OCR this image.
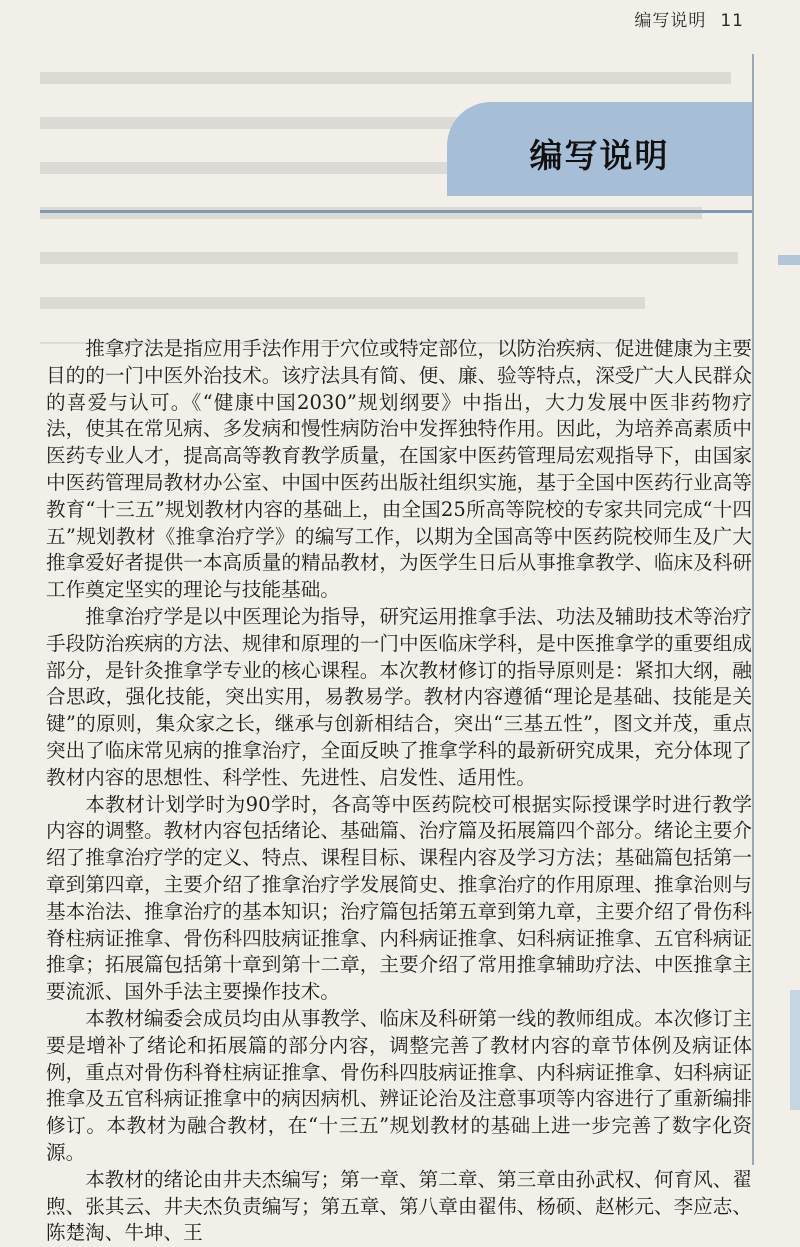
编写说明 11
编写说明

推拿疗法是指应用手法作用于穴位或特定部位，以防治疾病、促进健康为主要目的的一门中医外治技术。该疗法具有简、便、廉、验等特点，深受广大人民群众的喜爱与认可。《“健康中国2030”规划纲要》中指出，大力发展中医非药物疗法，使其在常见病、多发病和慢性病防治中发挥独特作用。因此，为培养高素质中医药专业人才，提高高等教育教学质量，在国家中医药管理局宏观指导下，由国家中医药管理局教材办公室、中国中医药出版社组织实施，基于全国中医药行业高等教育“十三五”规划教材内容的基础上，由全国25所高等院校的专家共同完成“十四五”规划教材《推拿治疗学》的编写工作，以期为全国高等中医药院校师生及广大推拿爱好者提供一本高质量的精品教材，为医学生日后从事推拿教学、临床及科研工作奠定坚实的理论与技能基础。

推拿治疗学是以中医理论为指导，研究运用推拿手法、功法及辅助技术等治疗手段防治疾病的方法、规律和原理的一门中医临床学科，是中医推拿学的重要组成部分，是针灸推拿学专业的核心课程。本次教材修订的指导原则是：紧扣大纲，融合思政，强化技能，突出实用，易教易学。教材内容遵循“理论是基础、技能是关键”的原则，集众家之长，继承与创新相结合，突出“三基五性”，图文并茂，重点突出了临床常见病的推拿治疗，全面反映了推拿学科的最新研究成果，充分体现了教材内容的思想性、科学性、先进性、启发性、适用性。

本教材计划学时为90学时，各高等中医药院校可根据实际授课学时进行教学内容的调整。教材内容包括绪论、基础篇、治疗篇及拓展篇四个部分。绪论主要介绍了推拿治疗学的定义、特点、课程目标、课程内容及学习方法；基础篇包括第一章到第四章，主要介绍了推拿治疗学发展简史、推拿治疗的作用原理、推拿治则与基本治法、推拿治疗的基本知识；治疗篇包括第五章到第九章，主要介绍了骨伤科脊柱病证推拿、骨伤科四肢病证推拿、内科病证推拿、妇科病证推拿、五官科病证推拿；拓展篇包括第十章到第十二章，主要介绍了常用推拿辅助疗法、中医推拿主要流派、国外手法主要操作技术。

本教材编委会成员均由从事教学、临床及科研第一线的教师组成。本次修订主要是增补了绪论和拓展篇的部分内容，调整完善了教材内容的章节体例及病证体例，重点对骨伤科脊柱病证推拿、骨伤科四肢病证推拿、内科病证推拿、妇科病证推拿及五官科病证推拿中的病因病机、辨证论治及注意事项等内容进行了重新编排修订。本教材为融合教材，在“十三五”规划教材的基础上进一步完善了数字化资源。

本教材的绪论由井夫杰编写；第一章、第二章、第三章由孙武权、何育风、翟煦、张其云、井夫杰负责编写；第五章、第八章由翟伟、杨硕、赵彬元、李应志、陈楚淘、牛坤、王
